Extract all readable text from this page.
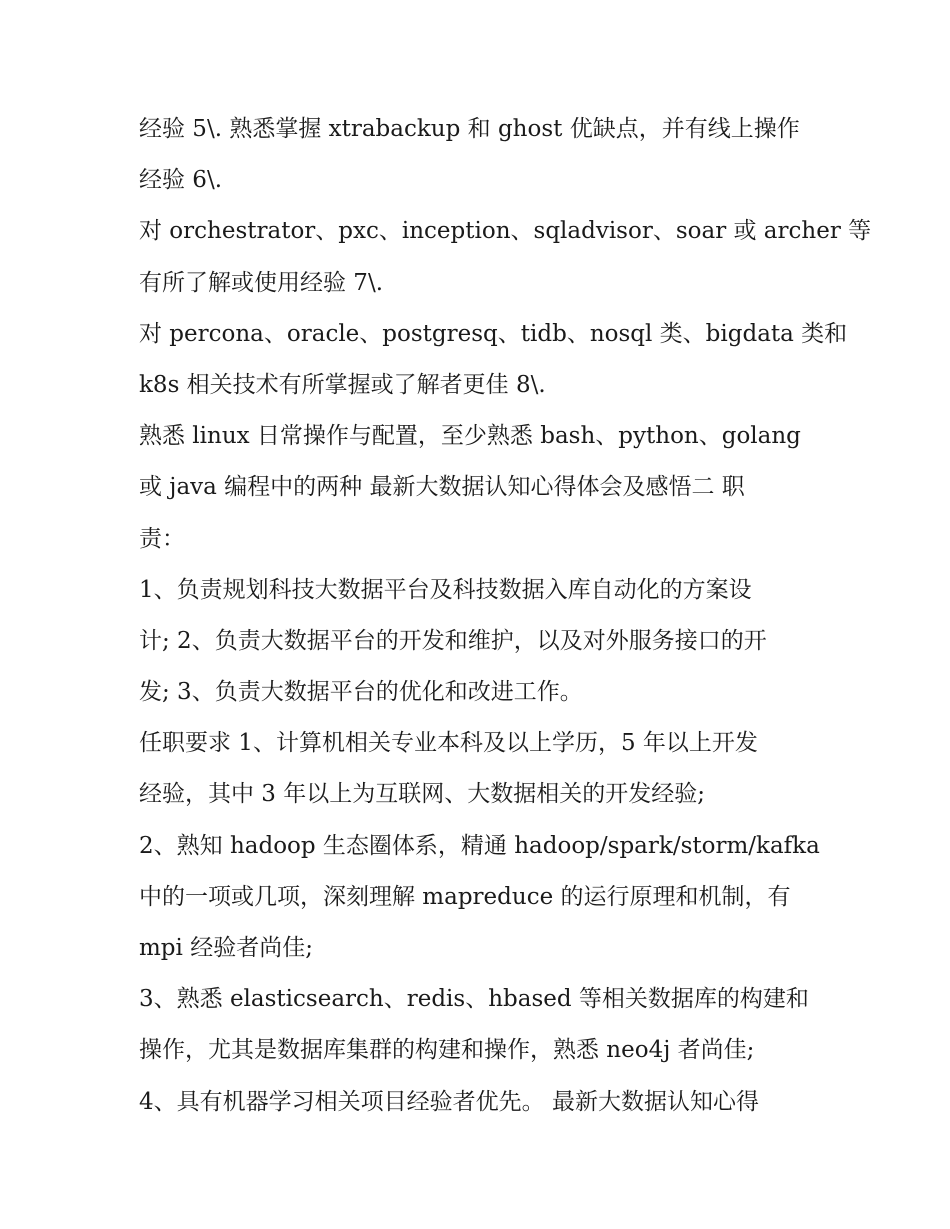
经验 5\. 熟悉掌握 xtrabackup 和 ghost 优缺点，并有线上操作
经验 6\.
对 orchestrator、pxc、inception、sqladvisor、soar 或 archer 等
有所了解或使用经验 7\.
对 percona、oracle、postgresq、tidb、nosql 类、bigdata 类和
k8s 相关技术有所掌握或了解者更佳 8\.
熟悉 linux 日常操作与配置，至少熟悉 bash、python、golang
或 java 编程中的两种 最新大数据认知心得体会及感悟二 职
责：
1、负责规划科技大数据平台及科技数据入库自动化的方案设
计; 2、负责大数据平台的开发和维护，以及对外服务接口的开
发; 3、负责大数据平台的优化和改进工作。
任职要求 1、计算机相关专业本科及以上学历，5 年以上开发
经验，其中 3 年以上为互联网、大数据相关的开发经验;
2、熟知 hadoop 生态圈体系，精通 hadoop/spark/storm/kafka
中的一项或几项，深刻理解 mapreduce 的运行原理和机制，有
mpi 经验者尚佳;
3、熟悉 elasticsearch、redis、hbased 等相关数据库的构建和
操作，尤其是数据库集群的构建和操作，熟悉 neo4j 者尚佳;
4、具有机器学习相关项目经验者优先。 最新大数据认知心得
